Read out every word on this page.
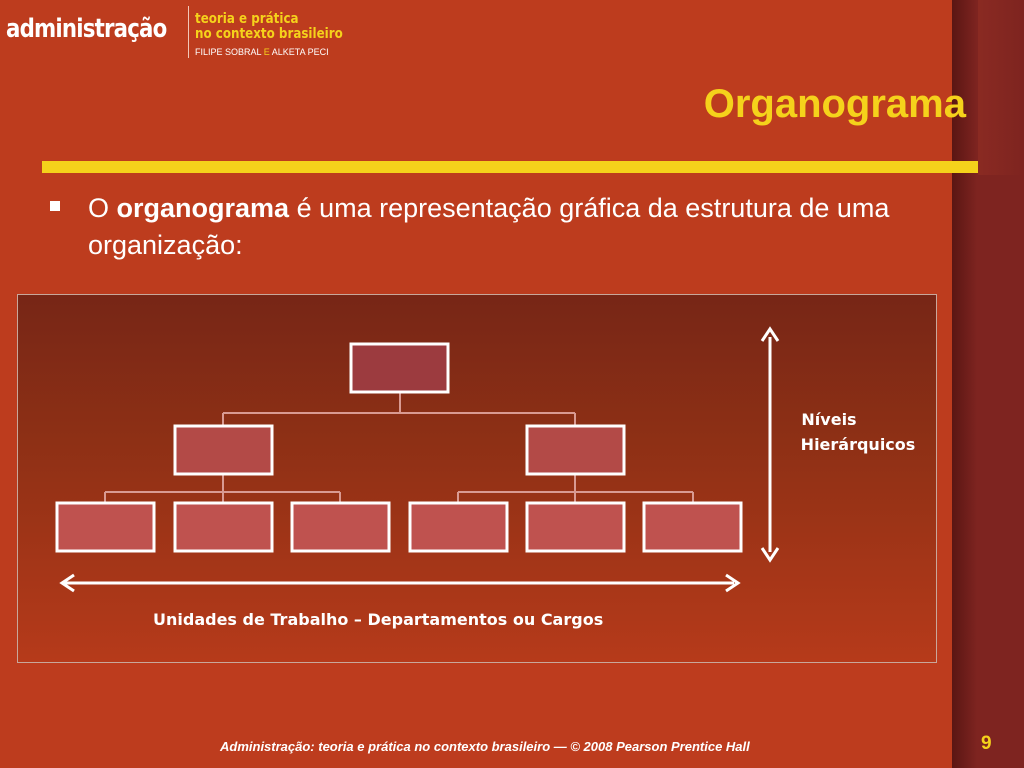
administração teoria e prática
no contexto brasileiro
FILIPE SOBRAL E ALKETA PECI
Organograma
O organograma é uma representação gráfica da estrutura de uma organização:
Níveis
Hierárquicos
Unidades de Trabalho – Departamentos ou Cargos
Administração: teoria e prática no contexto brasileiro — © 2008 Pearson Prentice Hall	9
